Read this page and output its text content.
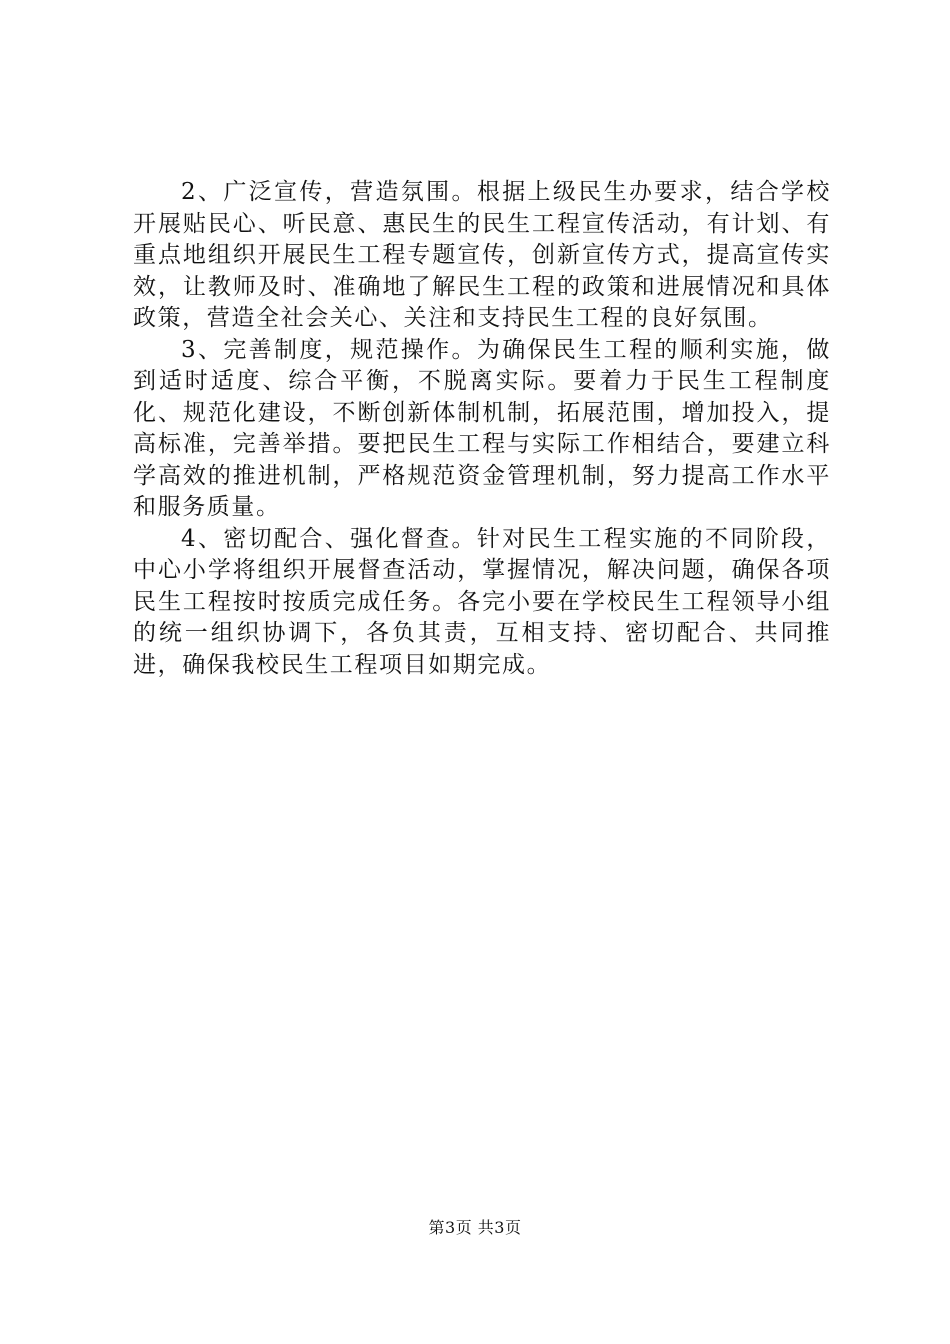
2、广泛宣传，营造氛围。根据上级民生办要求，结合学校开展贴民心、听民意、惠民生的民生工程宣传活动，有计划、有重点地组织开展民生工程专题宣传，创新宣传方式，提高宣传实效，让教师及时、准确地了解民生工程的政策和进展情况和具体政策，营造全社会关心、关注和支持民生工程的良好氛围。

3、完善制度，规范操作。为确保民生工程的顺利实施，做到适时适度、综合平衡，不脱离实际。要着力于民生工程制度化、规范化建设，不断创新体制机制，拓展范围，增加投入，提高标准，完善举措。要把民生工程与实际工作相结合，要建立科学高效的推进机制，严格规范资金管理机制，努力提高工作水平和服务质量。

4、密切配合、强化督查。针对民生工程实施的不同阶段，中心小学将组织开展督查活动，掌握情况，解决问题，确保各项民生工程按时按质完成任务。各完小要在学校民生工程领导小组的统一组织协调下，各负其责，互相支持、密切配合、共同推进，确保我校民生工程项目如期完成。

第3页 共3页
